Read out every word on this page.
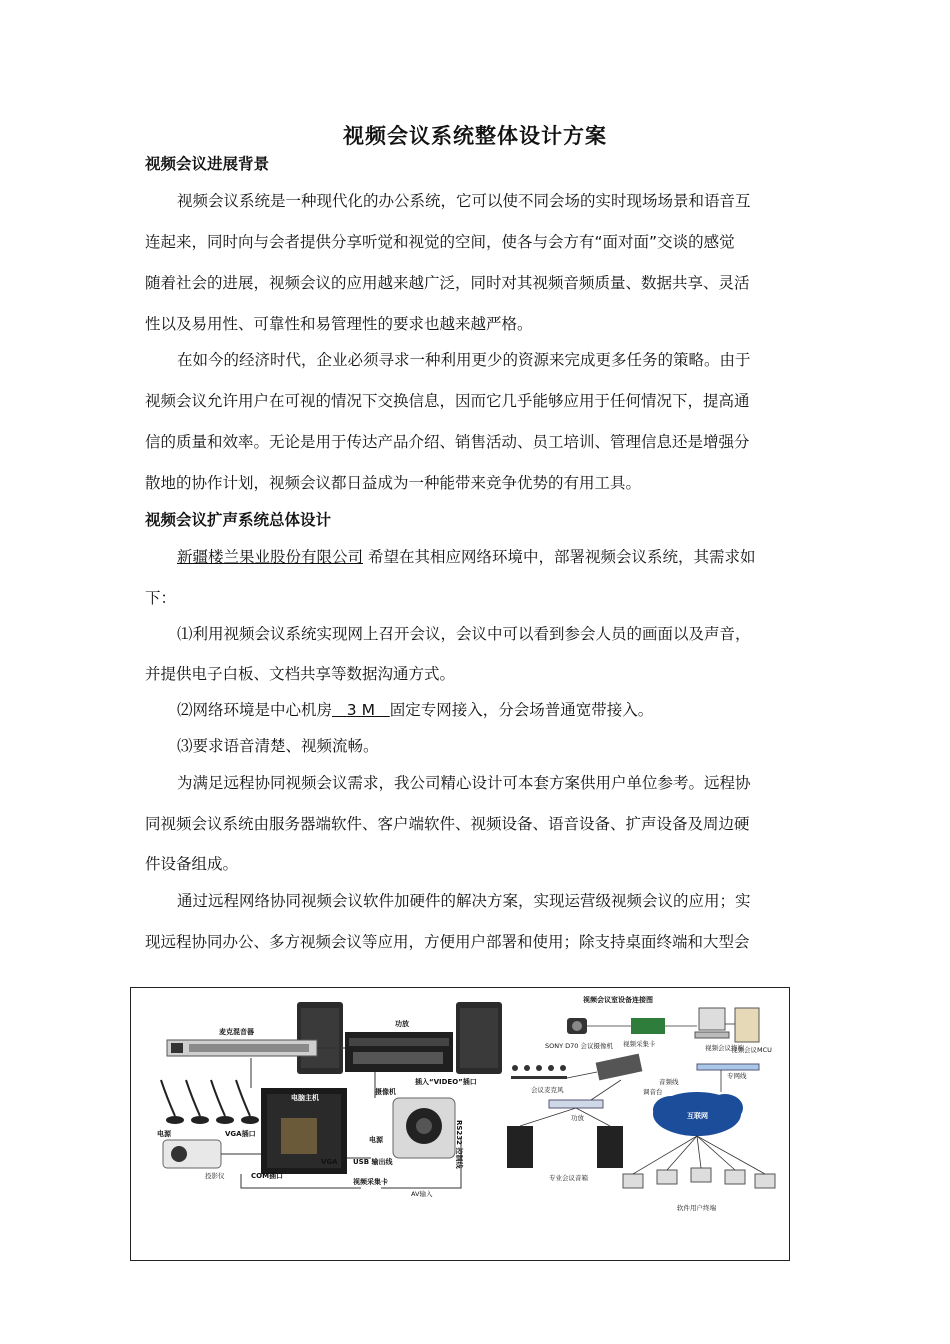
视频会议系统整体设计方案
视频会议进展背景
视频会议系统是一种现代化的办公系统，它可以使不同会场的实时现场场景和语音互
连起来，同时向与会者提供分享听觉和视觉的空间，使各与会方有“面对面”交谈的感觉
随着社会的进展，视频会议的应用越来越广泛，同时对其视频音频质量、数据共享、灵活
性以及易用性、可靠性和易管理性的要求也越来越严格。
在如今的经济时代，企业必须寻求一种利用更少的资源来完成更多任务的策略。由于
视频会议允许用户在可视的情况下交换信息，因而它几乎能够应用于任何情况下，提高通
信的质量和效率。无论是用于传达产品介绍、销售活动、员工培训、管理信息还是增强分
散地的协作计划，视频会议都日益成为一种能带来竞争优势的有用工具。
视频会议扩声系统总体设计
新疆楼兰果业股份有限公司 希望在其相应网络环境中，部署视频会议系统，其需求如
下：
⑴利用视频会议系统实现网上召开会议，会议中可以看到参会人员的画面以及声音，
并提供电子白板、文档共享等数据沟通方式。
⑵网络环境是中心机房 3 M 固定专网接入，分会场普通宽带接入。
⑶要求语音清楚、视频流畅。
为满足远程协同视频会议需求，我公司精心设计可本套方案供用户单位参考。远程协
同视频会议系统由服务器端软件、客户端软件、视频设备、语音设备、扩声设备及周边硬
件设备组成。
通过远程网络协同视频会议软件加硬件的解决方案，实现运营级视频会议的应用；实
现远程协同办公、多方视频会议等应用，方便用户部署和使用；除支持桌面终端和大型会
功放
麦克混音器
电脑主机
电源	VGA插口
COM插口
VGA
投影仪
摄像机
插入“VIDEO”插口
电源	RS232 控制线
USB 输出线
视频采集卡
AV输入
视频会议室设备连接图
SONY D70 会议摄像机 视频采集卡	视频会议终端
视频会议MCU
音频线
专网线
会议麦克风	调音台
功放
专业会议音箱
互联网
软件用户终端
